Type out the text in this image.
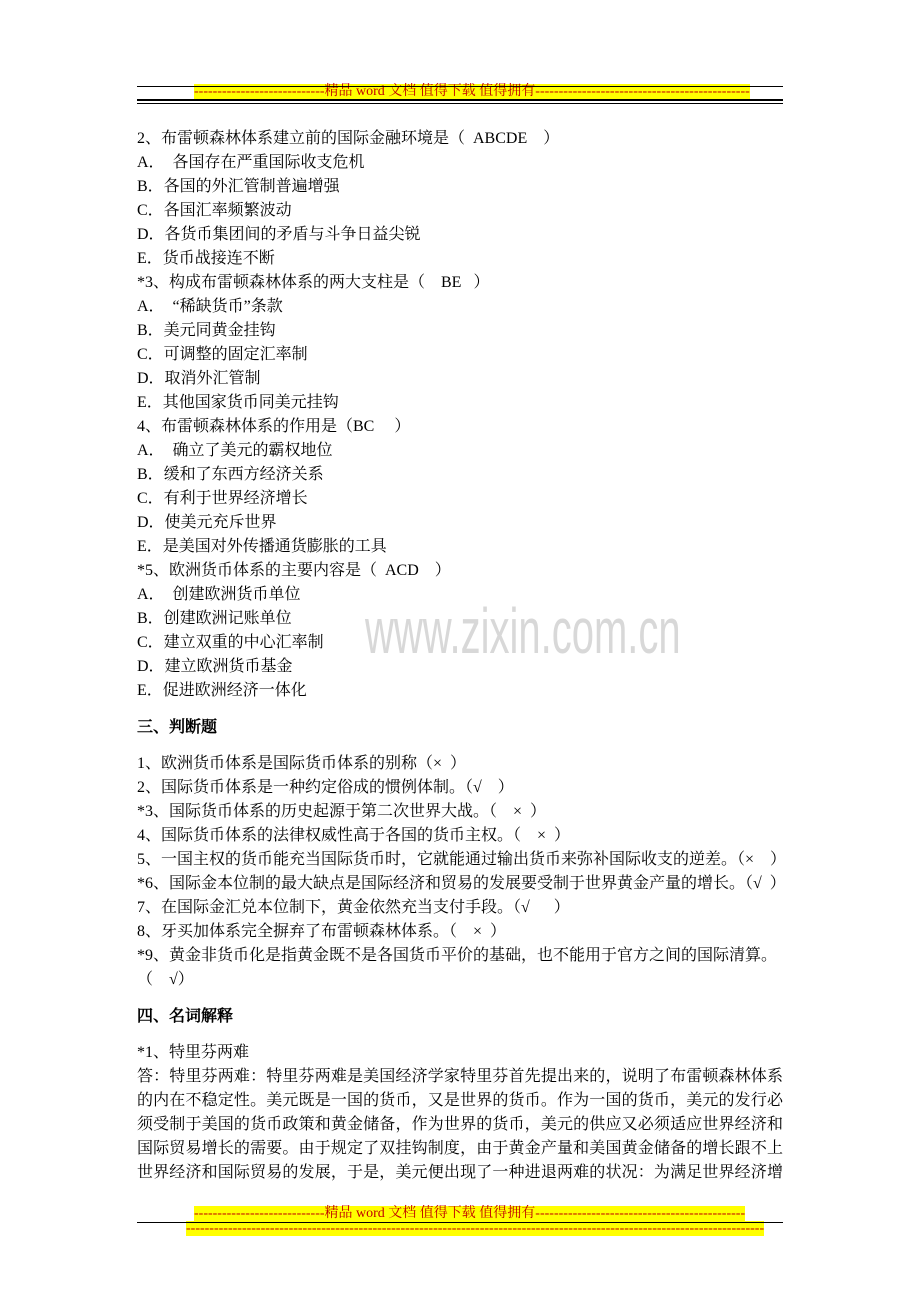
----------------------------精品 word 文档 值得下载 值得拥有----------------------------------------------

www.zixin.com.cn
2、布雷顿森林体系建立前的国际金融环境是（  ABCDE    ）
A．  各国存在严重国际收支危机
B．各国的外汇管制普遍增强
C．各国汇率频繁波动
D．各货币集团间的矛盾与斗争日益尖锐
E．货币战接连不断
*3、构成布雷顿森林体系的两大支柱是（    BE   ）
A．  “稀缺货币”条款
B．美元同黄金挂钩
C．可调整的固定汇率制
D．取消外汇管制
E．其他国家货币同美元挂钩
4、布雷顿森林体系的作用是（BC     ）
A．  确立了美元的霸权地位
B．缓和了东西方经济关系
C．有利于世界经济增长
D．使美元充斥世界
E．是美国对外传播通货膨胀的工具
*5、欧洲货币体系的主要内容是（  ACD    ）
A．  创建欧洲货币单位
B．创建欧洲记账单位
C．建立双重的中心汇率制
D．建立欧洲货币基金
E．促进欧洲经济一体化
三、判断题
1、欧洲货币体系是国际货币体系的别称（×  ）
2、国际货币体系是一种约定俗成的惯例体制。（√    ）
*3、国际货币体系的历史起源于第二次世界大战。（    ×  ）
4、国际货币体系的法律权威性高于各国的货币主权。（    ×  ）
5、一国主权的货币能充当国际货币时，它就能通过输出货币来弥补国际收支的逆差。（×    ）
*6、国际金本位制的最大缺点是国际经济和贸易的发展要受制于世界黄金产量的增长。（√  ）
7、在国际金汇兑本位制下，黄金依然充当支付手段。（√      ）
8、牙买加体系完全摒弃了布雷顿森林体系。（    ×  ）
*9、黄金非货币化是指黄金既不是各国货币平价的基础，也不能用于官方之间的国际清算。
（    √）
四、名词解释
*1、特里芬两难
答：特里芬两难：特里芬两难是美国经济学家特里芬首先提出来的，说明了布雷顿森林体系
的内在不稳定性。美元既是一国的货币，又是世界的货币。作为一国的货币，美元的发行必
须受制于美国的货币政策和黄金储备，作为世界的货币，美元的供应又必须适应世界经济和
国际贸易增长的需要。由于规定了双挂钩制度，由于黄金产量和美国黄金储备的增长跟不上
世界经济和国际贸易的发展，于是，美元便出现了一种进退两难的状况：为满足世界经济增

----------------------------精品 word 文档 值得下载 值得拥有---------------------------------------------

----------------------------------------------------------------------------------------------------------------------------
